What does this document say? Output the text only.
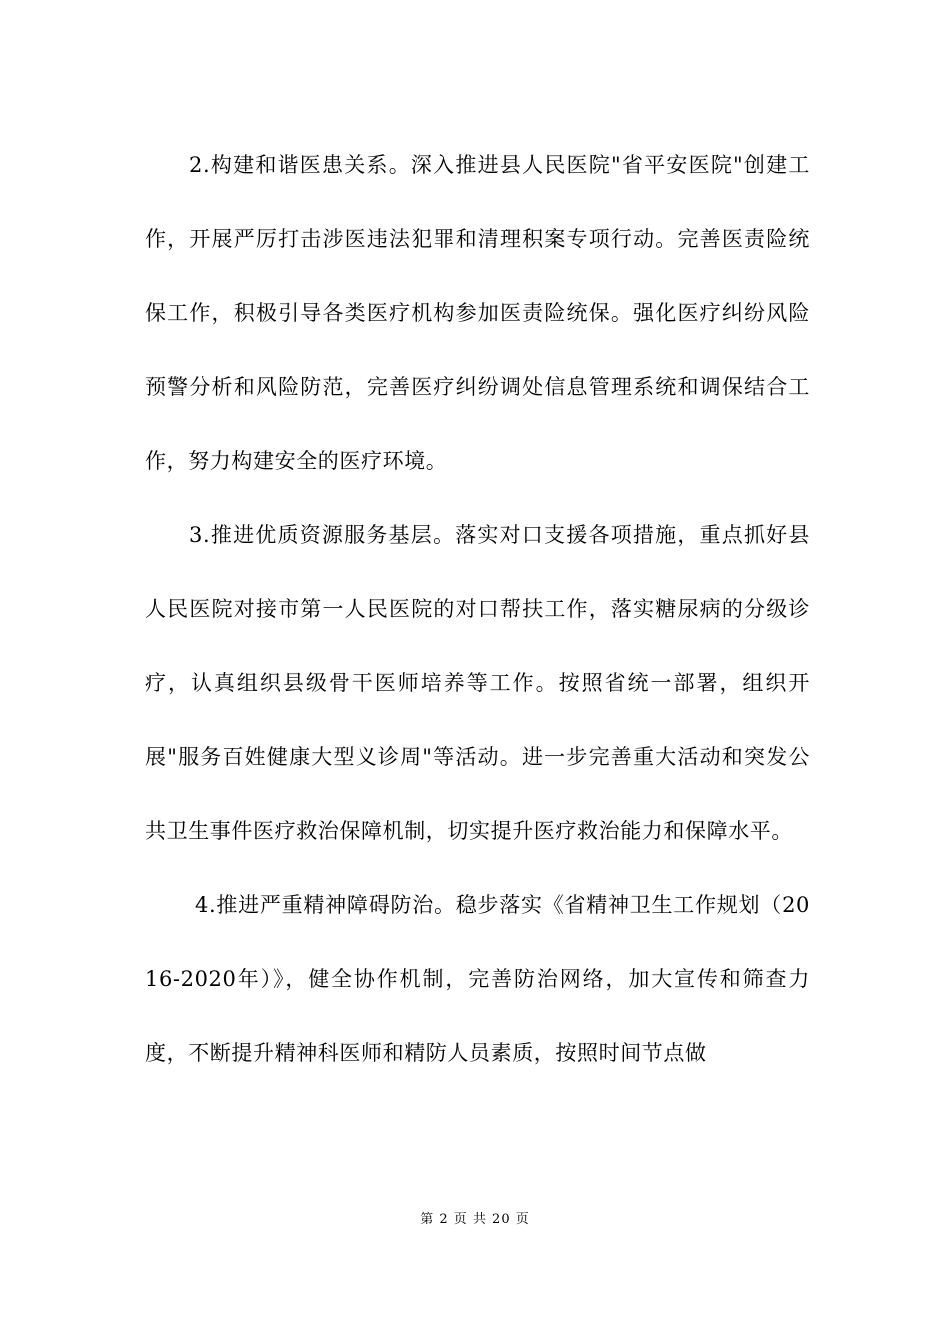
2.构建和谐医患关系。深入推进县人民医院"省平安医院"创建工作，开展严厉打击涉医违法犯罪和清理积案专项行动。完善医责险统保工作，积极引导各类医疗机构参加医责险统保。强化医疗纠纷风险预警分析和风险防范，完善医疗纠纷调处信息管理系统和调保结合工作，努力构建安全的医疗环境。

3.推进优质资源服务基层。落实对口支援各项措施，重点抓好县人民医院对接市第一人民医院的对口帮扶工作，落实糖尿病的分级诊疗，认真组织县级骨干医师培养等工作。按照省统一部署，组织开展"服务百姓健康大型义诊周"等活动。进一步完善重大活动和突发公共卫生事件医疗救治保障机制，切实提升医疗救治能力和保障水平。

4.推进严重精神障碍防治。稳步落实《省精神卫生工作规划（2016-2020年）》，健全协作机制，完善防治网络，加大宣传和筛查力度，不断提升精神科医师和精防人员素质，按照时间节点做

第 2 页 共 20 页
